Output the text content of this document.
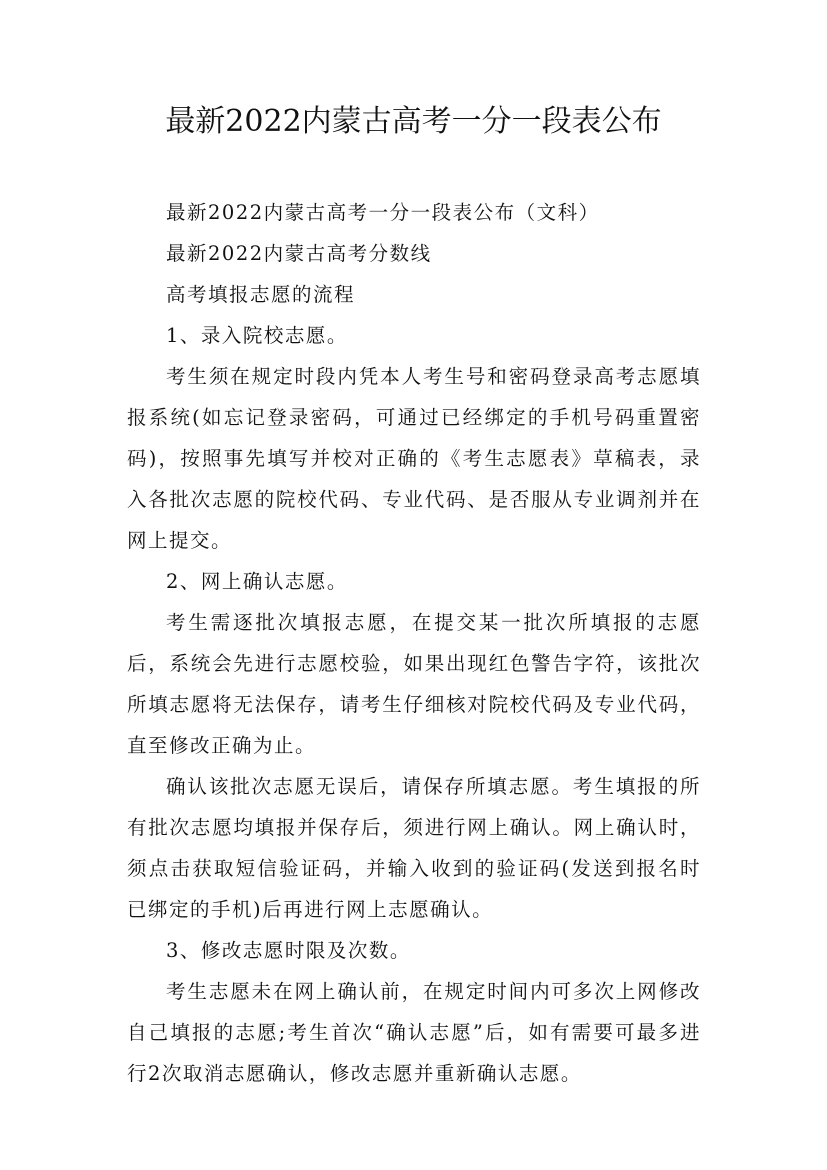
最新2022内蒙古高考一分一段表公布

最新2022内蒙古高考一分一段表公布（文科）

最新2022内蒙古高考分数线

高考填报志愿的流程

1、录入院校志愿。

考生须在规定时段内凭本人考生号和密码登录高考志愿填报系统(如忘记登录密码，可通过已经绑定的手机号码重置密码)，按照事先填写并校对正确的《考生志愿表》草稿表，录入各批次志愿的院校代码、专业代码、是否服从专业调剂并在网上提交。

2、网上确认志愿。

考生需逐批次填报志愿，在提交某一批次所填报的志愿后，系统会先进行志愿校验，如果出现红色警告字符，该批次所填志愿将无法保存，请考生仔细核对院校代码及专业代码，直至修改正确为止。

确认该批次志愿无误后，请保存所填志愿。考生填报的所有批次志愿均填报并保存后，须进行网上确认。网上确认时，须点击获取短信验证码，并输入收到的验证码(发送到报名时已绑定的手机)后再进行网上志愿确认。

3、修改志愿时限及次数。

考生志愿未在网上确认前，在规定时间内可多次上网修改自己填报的志愿;考生首次“确认志愿”后，如有需要可最多进行2次取消志愿确认，修改志愿并重新确认志愿。
